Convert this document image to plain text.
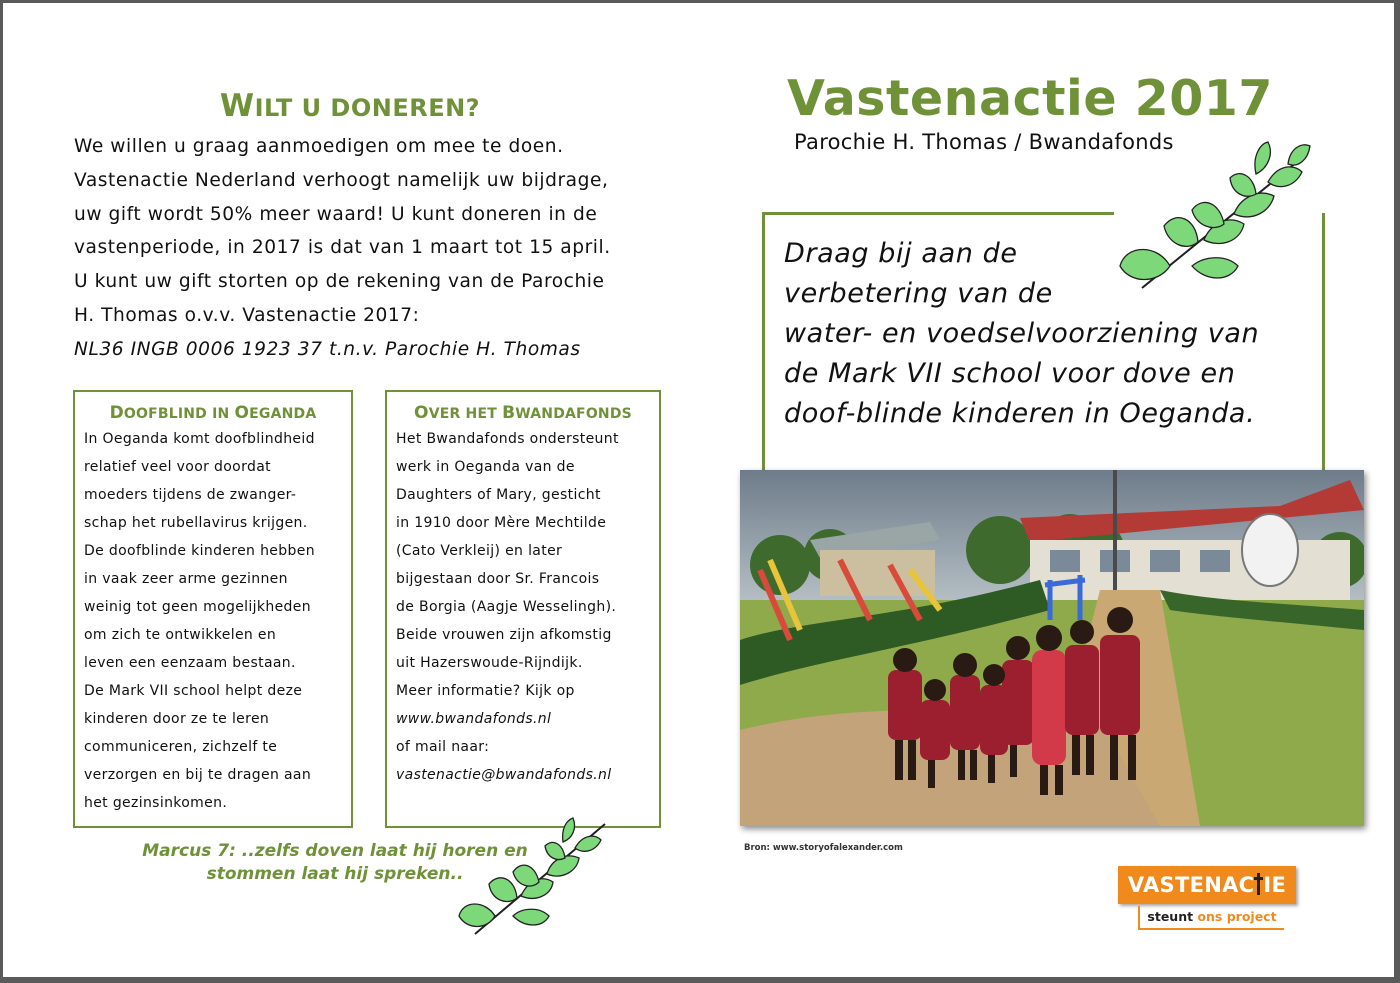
WILT U DONEREN?
We willen u graag aanmoedigen om mee te doen.
Vastenactie Nederland verhoogt namelijk uw bijdrage,
uw gift wordt 50% meer waard! U kunt doneren in de
vastenperiode, in 2017 is dat van 1 maart tot 15 april.
U kunt uw gift storten op de rekening van de Parochie
H. Thomas o.v.v. Vastenactie 2017:
NL36 INGB 0006 1923 37 t.n.v. Parochie H. Thomas
DOOFBLIND IN OEGANDA
In Oeganda komt doofblindheid
relatief veel voor doordat
moeders tijdens de zwanger-
schap het rubellavirus krijgen.
De doofblinde kinderen hebben
in vaak zeer arme gezinnen
weinig tot geen mogelijkheden
om zich te ontwikkelen en
leven een eenzaam bestaan.
De Mark VII school helpt deze
kinderen door ze te leren
communiceren, zichzelf te
verzorgen en bij te dragen aan
het gezinsinkomen.
OVER HET BWANDAFONDS
Het Bwandafonds ondersteunt
werk in Oeganda van de
Daughters of Mary, gesticht
in 1910 door Mère Mechtilde
(Cato Verkleij) en later
bijgestaan door Sr. Francois
de Borgia (Aagje Wesselingh).
Beide vrouwen zijn afkomstig
uit Hazerswoude-Rijndijk.
Meer informatie? Kijk op
www.bwandafonds.nl
of mail naar:
vastenactie@bwandafonds.nl
Marcus 7: ..zelfs doven laat hij horen en
stommen laat hij spreken..
Vastenactie 2017
Parochie H. Thomas / Bwandafonds
Draag bij aan de
verbetering van de
water- en voedselvoorziening van
de Mark VII school voor dove en
doof-blinde kinderen in Oeganda.
Bron: www.storyofalexander.com
VASTENAC IE
steunt ons project
